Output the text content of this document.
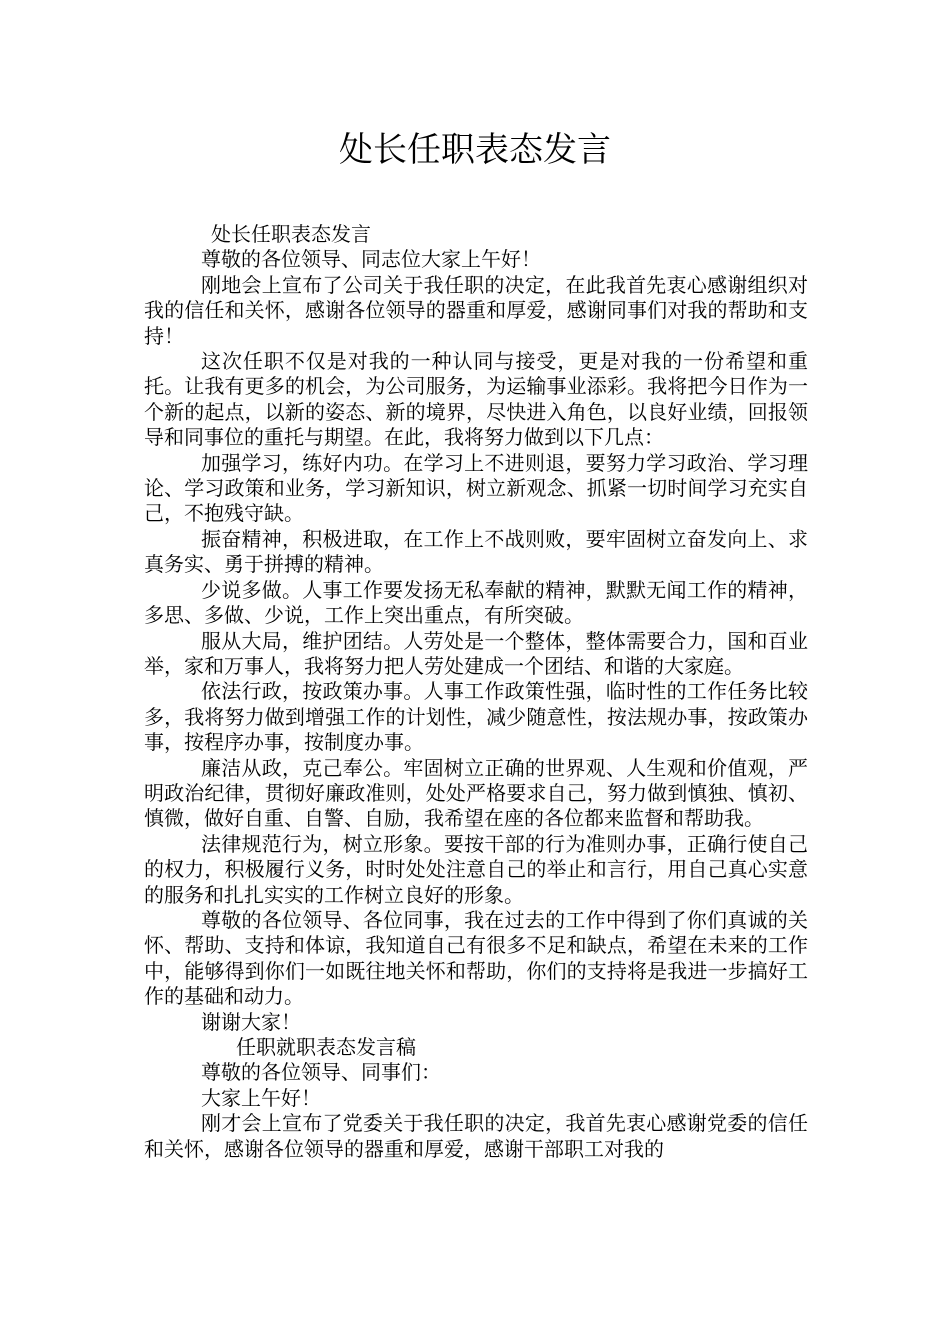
处长任职表态发言

处长任职表态发言

尊敬的各位领导、同志位大家上午好！

刚地会上宣布了公司关于我任职的决定，在此我首先衷心感谢组织对我的信任和关怀，感谢各位领导的器重和厚爱，感谢同事们对我的帮助和支持！

这次任职不仅是对我的一种认同与接受，更是对我的一份希望和重托。让我有更多的机会，为公司服务，为运输事业添彩。我将把今日作为一个新的起点，以新的姿态、新的境界，尽快进入角色，以良好业绩，回报领导和同事位的重托与期望。在此，我将努力做到以下几点：

加强学习，练好内功。在学习上不进则退，要努力学习政治、学习理论、学习政策和业务，学习新知识，树立新观念、抓紧一切时间学习充实自己，不抱残守缺。

振奋精神，积极进取，在工作上不战则败，要牢固树立奋发向上、求真务实、勇于拼搏的精神。

少说多做。人事工作要发扬无私奉献的精神，默默无闻工作的精神，多思、多做、少说，工作上突出重点，有所突破。

服从大局，维护团结。人劳处是一个整体，整体需要合力，国和百业举，家和万事人，我将努力把人劳处建成一个团结、和谐的大家庭。

依法行政，按政策办事。人事工作政策性强，临时性的工作任务比较多，我将努力做到增强工作的计划性，减少随意性，按法规办事，按政策办事，按程序办事，按制度办事。

廉洁从政，克己奉公。牢固树立正确的世界观、人生观和价值观，严明政治纪律，贯彻好廉政准则，处处严格要求自己，努力做到慎独、慎初、慎微，做好自重、自警、自励，我希望在座的各位都来监督和帮助我。

法律规范行为，树立形象。要按干部的行为准则办事，正确行使自己的权力，积极履行义务，时时处处注意自己的举止和言行，用自己真心实意的服务和扎扎实实的工作树立良好的形象。

尊敬的各位领导、各位同事，我在过去的工作中得到了你们真诚的关怀、帮助、支持和体谅，我知道自己有很多不足和缺点，希望在未来的工作中，能够得到你们一如既往地关怀和帮助，你们的支持将是我进一步搞好工作的基础和动力。

谢谢大家！

任职就职表态发言稿

尊敬的各位领导、同事们：

大家上午好！

刚才会上宣布了党委关于我任职的决定，我首先衷心感谢党委的信任和关怀，感谢各位领导的器重和厚爱，感谢干部职工对我的
